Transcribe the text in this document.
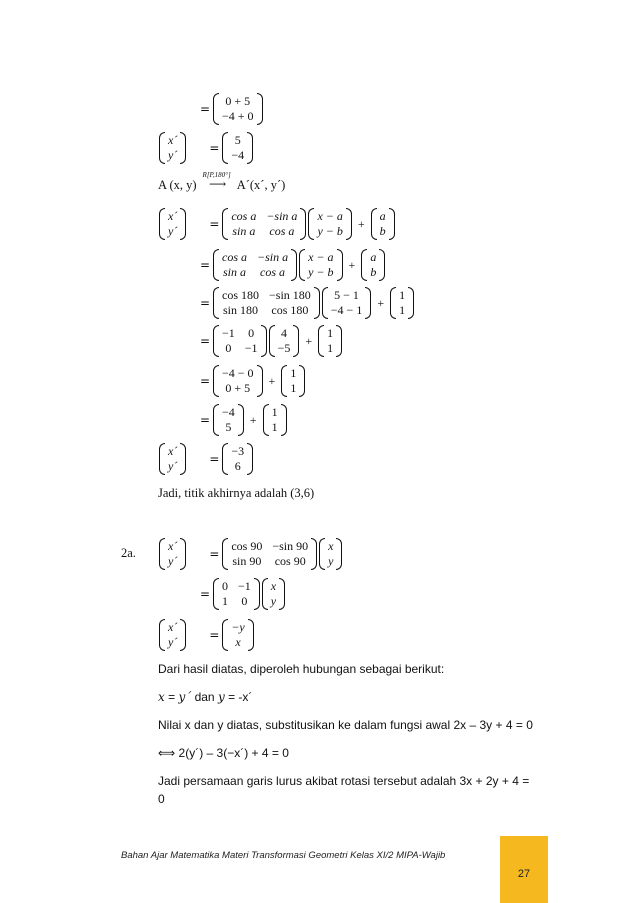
=
0 + 5
−4 + 0
x´
y´	=
5
−4
A (x, y)
R[P,180°]
⟶ A´(x´, y´)
x´
y´	=
cos a −sin a
sin a cos a
x − a
y − b
+
a
b
=
cos a −sin a
sin a cos a
x − a
y − b
+
a
b
=
cos 180 −sin 180
sin 180 cos 180
5 − 1
−4 − 1
+
1
1
=
−1 0
0 −1
4
−5
+
1
1
=
−4 − 0
0 + 5
+
1
1
=
−4
5
+
1
1
x´
y´	=
−3
6
Jadi, titik akhirnya adalah (3,6)
2a.	x´
y´	=
cos 90 −sin 90
sin 90 cos 90
x
y
=
0 −1
1 0
x
y
x´
y´	=
−y
x
Dari hasil diatas, diperoleh hubungan sebagai berikut:
x = y´ dan y = -x´
Nilai x dan y diatas, substitusikan ke dalam fungsi awal 2x – 3y + 4 = 0
⟺ 2(y´) – 3(−x´) + 4 = 0
Jadi persamaan garis lurus akibat rotasi tersebut adalah 3x + 2y + 4 =
0
Bahan Ajar Matematika Materi Transformasi Geometri Kelas XI/2 MIPA-Wajib
27
